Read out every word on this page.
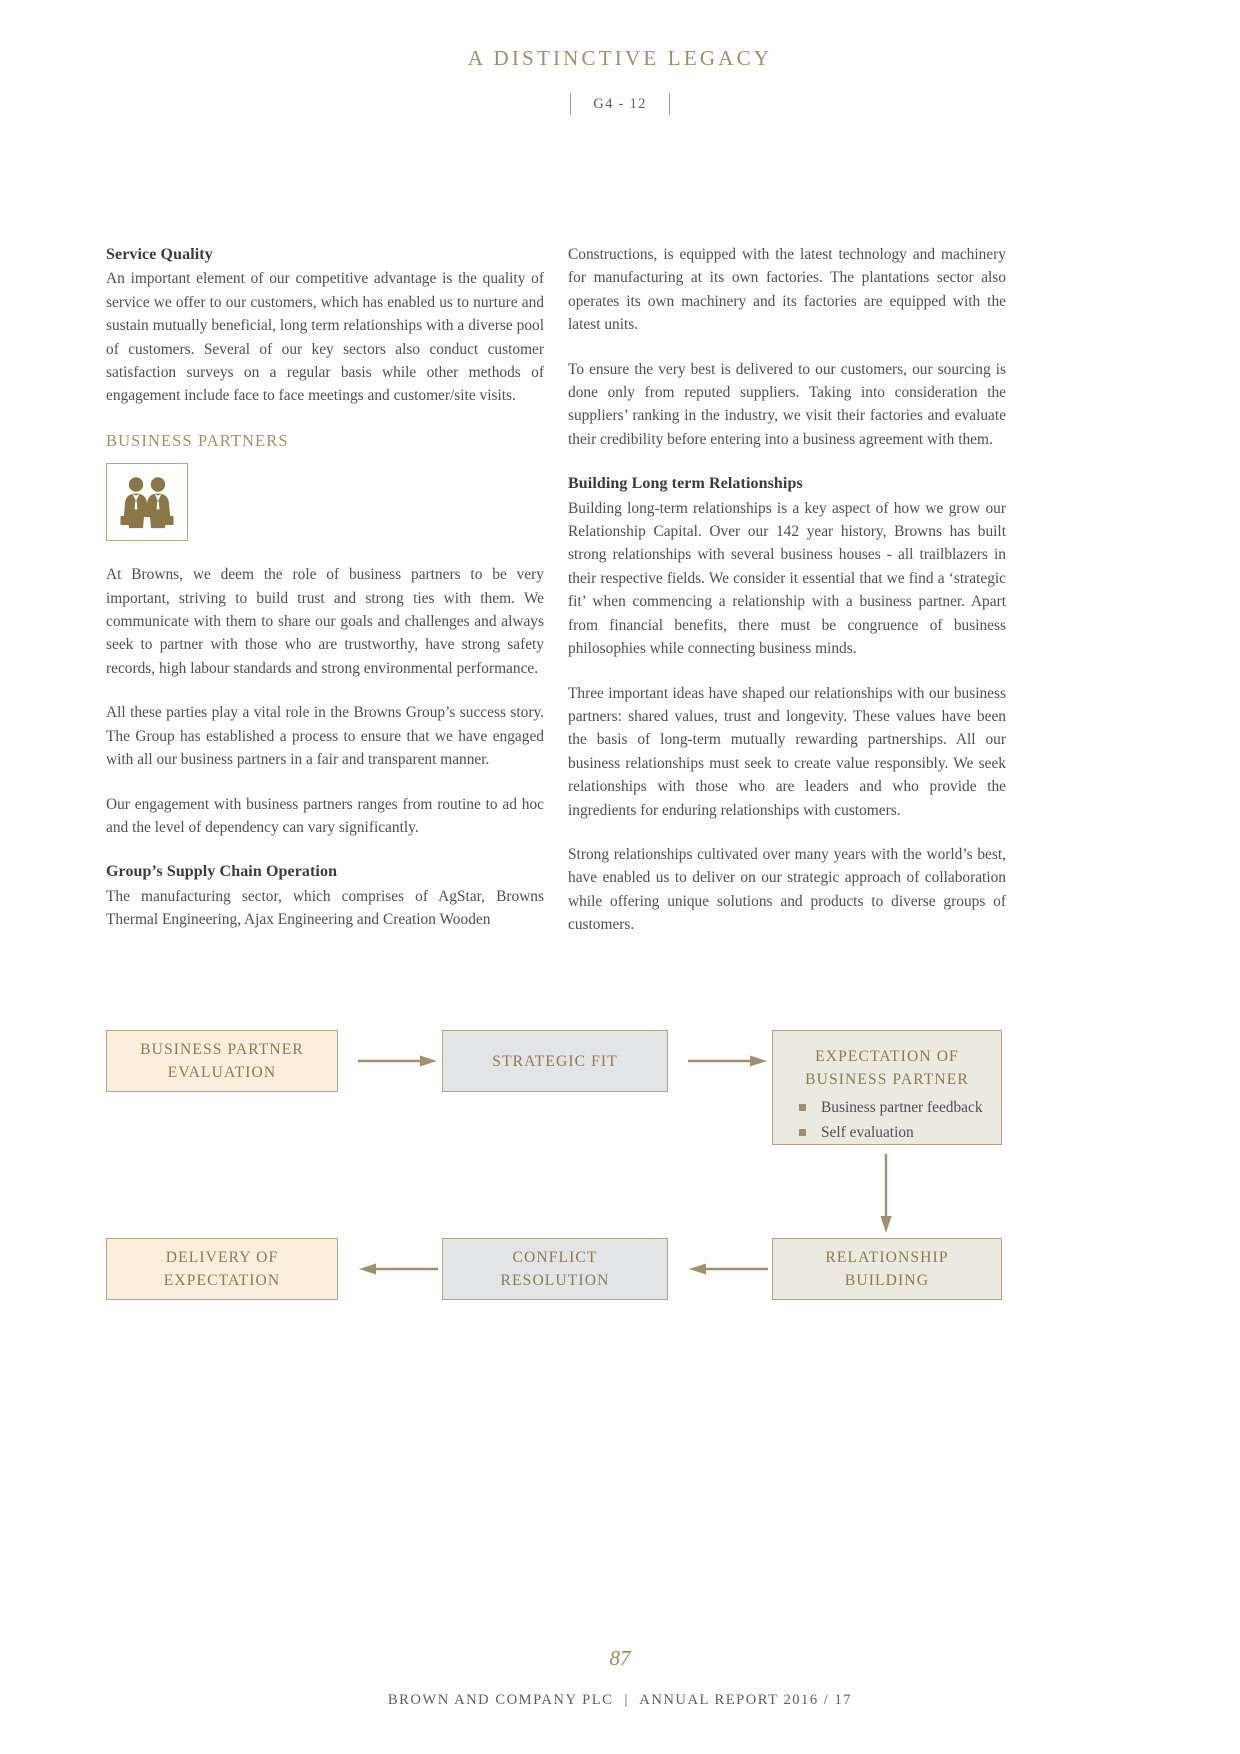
A DISTINCTIVE LEGACY
G4 - 12
Service Quality

An important element of our competitive advantage is the quality of service we offer to our customers, which has enabled us to nurture and sustain mutually beneficial, long term relationships with a diverse pool of customers. Several of our key sectors also conduct customer satisfaction surveys on a regular basis while other methods of engagement include face to face meetings and customer/site visits.

BUSINESS PARTNERS

At Browns, we deem the role of business partners to be very important, striving to build trust and strong ties with them. We communicate with them to share our goals and challenges and always seek to partner with those who are trustworthy, have strong safety records, high labour standards and strong environmental performance.

All these parties play a vital role in the Browns Group’s success story. The Group has established a process to ensure that we have engaged with all our business partners in a fair and transparent manner.

Our engagement with business partners ranges from routine to ad hoc and the level of dependency can vary significantly.

Group’s Supply Chain Operation

The manufacturing sector, which comprises of AgStar, Browns Thermal Engineering, Ajax Engineering and Creation Wooden

Constructions, is equipped with the latest technology and machinery for manufacturing at its own factories. The plantations sector also operates its own machinery and its factories are equipped with the latest units.

To ensure the very best is delivered to our customers, our sourcing is done only from reputed suppliers. Taking into consideration the suppliers’ ranking in the industry, we visit their factories and evaluate their credibility before entering into a business agreement with them.

Building Long term Relationships

Building long-term relationships is a key aspect of how we grow our Relationship Capital. Over our 142 year history, Browns has built strong relationships with several business houses - all trailblazers in their respective fields. We consider it essential that we find a ‘strategic fit’ when commencing a relationship with a business partner. Apart from financial benefits, there must be congruence of business philosophies while connecting business minds.

Three important ideas have shaped our relationships with our business partners: shared values, trust and longevity. These values have been the basis of long-term mutually rewarding partnerships. All our business relationships must seek to create value responsibly. We seek relationships with those who are leaders and who provide the ingredients for enduring relationships with customers.

Strong relationships cultivated over many years with the world’s best, have enabled us to deliver on our strategic approach of collaboration while offering unique solutions and products to diverse groups of customers.

BUSINESS PARTNER
EVALUATION
STRATEGIC FIT	EXPECTATION OF
BUSINESS PARTNER
Business partner feedback
Self evaluation
DELIVERY OF
EXPECTATION
CONFLICT
RESOLUTION
RELATIONSHIP
BUILDING
87
BROWN AND COMPANY PLC | ANNUAL REPORT 2016 / 17
